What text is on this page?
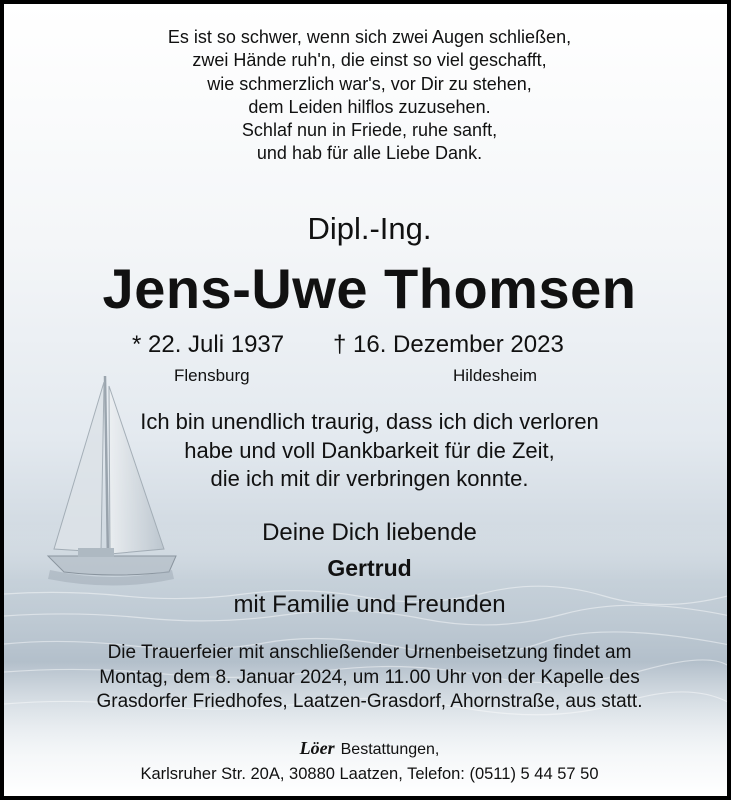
Es ist so schwer, wenn sich zwei Augen schließen,
zwei Hände ruh'n, die einst so viel geschafft,
wie schmerzlich war's, vor Dir zu stehen,
dem Leiden hilflos zuzusehen.
Schlaf nun in Friede, ruhe sanft,
und hab für alle Liebe Dank.
Dipl.-Ing.
Jens-Uwe Thomsen
* 22. Juli 1937 † 16. Dezember 2023
Flensburg	Hildesheim
Ich bin unendlich traurig, dass ich dich verloren
habe und voll Dankbarkeit für die Zeit,
die ich mit dir verbringen konnte.
Deine Dich liebende
Gertrud
mit Familie und Freunden
Die Trauerfeier mit anschließender Urnenbeisetzung findet am
Montag, dem 8. Januar 2024, um 11.00 Uhr von der Kapelle des
Grasdorfer Friedhofes, Laatzen-Grasdorf, Ahornstraße, aus statt.
Löer Bestattungen,
Karlsruher Str. 20A, 30880 Laatzen, Telefon: (0511) 5 44 57 50
